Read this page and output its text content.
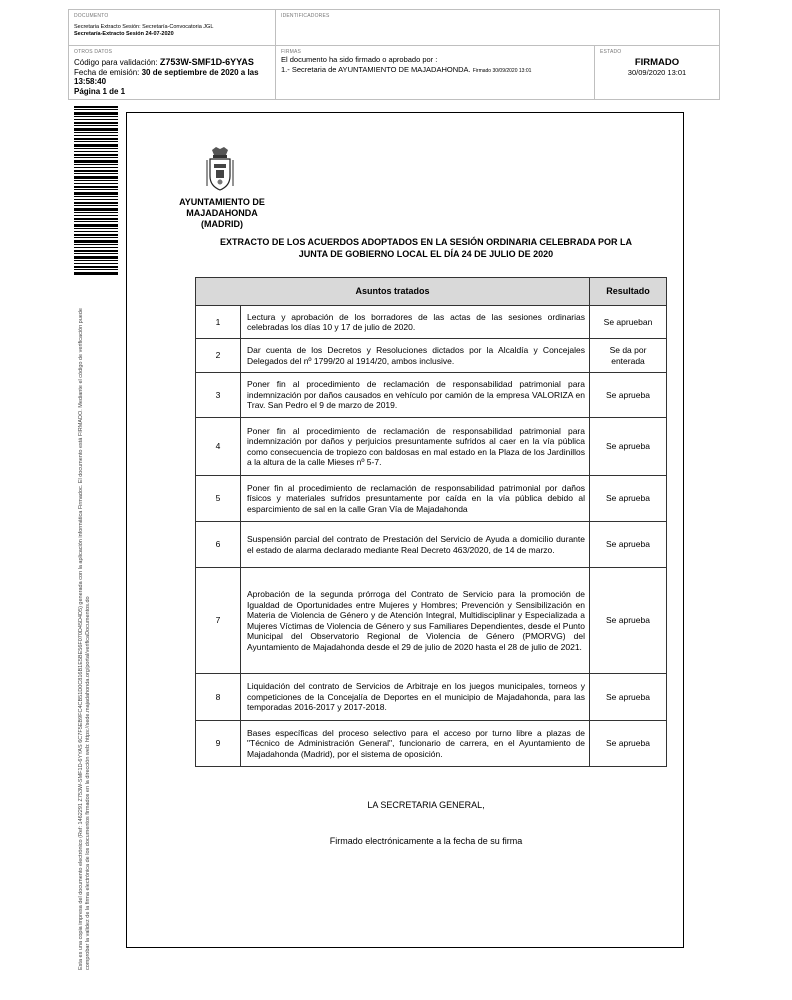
DOCUMENTO
Secretaria Extracto Sesión: Secretaría-Convocatoria JGL
Secretaría-Extracto Sesión 24-07-2020
IDENTIFICADORES
OTROS DATOS
Código para validación: Z753W-SMF1D-6YYAS
Fecha de emisión: 30 de septiembre de 2020 a las 13:58:40
Página 1 de 1
FIRMAS
El documento ha sido firmado o aprobado por :
1.- Secretaria de AYUNTAMIENTO DE MAJADAHONDA. Firmado 30/09/2020 13:01
ESTADO
FIRMADO
30/09/2020 13:01
Esta es una copia impresa del documento electrónico (Ref: 1462291 Z753W-SMF1D-6YYAS 6C7F5EB9FC4CB51D0C816B1E5BE56F070D45D4D5) generada con la aplicación informática Firmadoc. El documento está FIRMADO. Mediante el código de verificación puede comprobar la validez de la firma electrónica de los documentos firmados en la dirección web: https://sede.majadahonda.org/portal/verificaDocumentos.do
AYUNTAMIENTO DE
MAJADAHONDA
(MADRID)
EXTRACTO DE LOS ACUERDOS ADOPTADOS EN LA SESIÓN ORDINARIA CELEBRADA POR LA
JUNTA DE GOBIERNO LOCAL EL DÍA 24 DE JULIO DE 2020
Asuntos tratados		Resultado
1	Lectura y aprobación de los borradores de las actas de las sesiones ordinarias celebradas los días 10 y 17 de julio de 2020.	Se aprueban
2	Dar cuenta de los Decretos y Resoluciones dictados por la Alcaldía y Concejales Delegados del nº 1799/20 al 1914/20, ambos inclusive.	Se da por enterada
3	Poner fin al procedimiento de reclamación de responsabilidad patrimonial para indemnización por daños causados en vehículo por camión de la empresa VALORIZA en Trav. San Pedro el 9 de marzo de 2019.	Se aprueba
4	Poner fin al procedimiento de reclamación de responsabilidad patrimonial para indemnización por daños y perjuicios presuntamente sufridos al caer en la vía pública como consecuencia de tropiezo con baldosas en mal estado en la Plaza de los Jardinillos a la altura de la calle Mieses nº 5-7.	Se aprueba
5	Poner fin al procedimiento de reclamación de responsabilidad patrimonial por daños físicos y materiales sufridos presuntamente por caída en la vía pública debido al esparcimiento de sal en la calle Gran Vía de Majadahonda	Se aprueba
6	Suspensión parcial del contrato de Prestación del Servicio de Ayuda a domicilio durante el estado de alarma declarado mediante Real Decreto 463/2020, de 14 de marzo.	Se aprueba
7	Aprobación de la segunda prórroga del Contrato de Servicio para la promoción de Igualdad de Oportunidades entre Mujeres y Hombres; Prevención y Sensibilización en Materia de Violencia de Género y de Atención Integral, Multidisciplinar y Especializada a Mujeres Víctimas de Violencia de Género y sus Familiares Dependientes, desde el Punto Municipal del Observatorio Regional de Violencia de Género (PMORVG) del Ayuntamiento de Majadahonda desde el 29 de julio de 2020 hasta el 28 de julio de 2021.	Se aprueba
8	Liquidación del contrato de Servicios de Arbitraje en los juegos municipales, torneos y competiciones de la Concejalía de Deportes en el municipio de Majadahonda, para las temporadas 2016-2017 y 2017-2018.	Se aprueba
9	Bases específicas del proceso selectivo para el acceso por turno libre a plazas de "Técnico de Administración General", funcionario de carrera, en el Ayuntamiento de Majadahonda (Madrid), por el sistema de oposición.	Se aprueba
LA SECRETARIA GENERAL,
Firmado electrónicamente a la fecha de su firma
